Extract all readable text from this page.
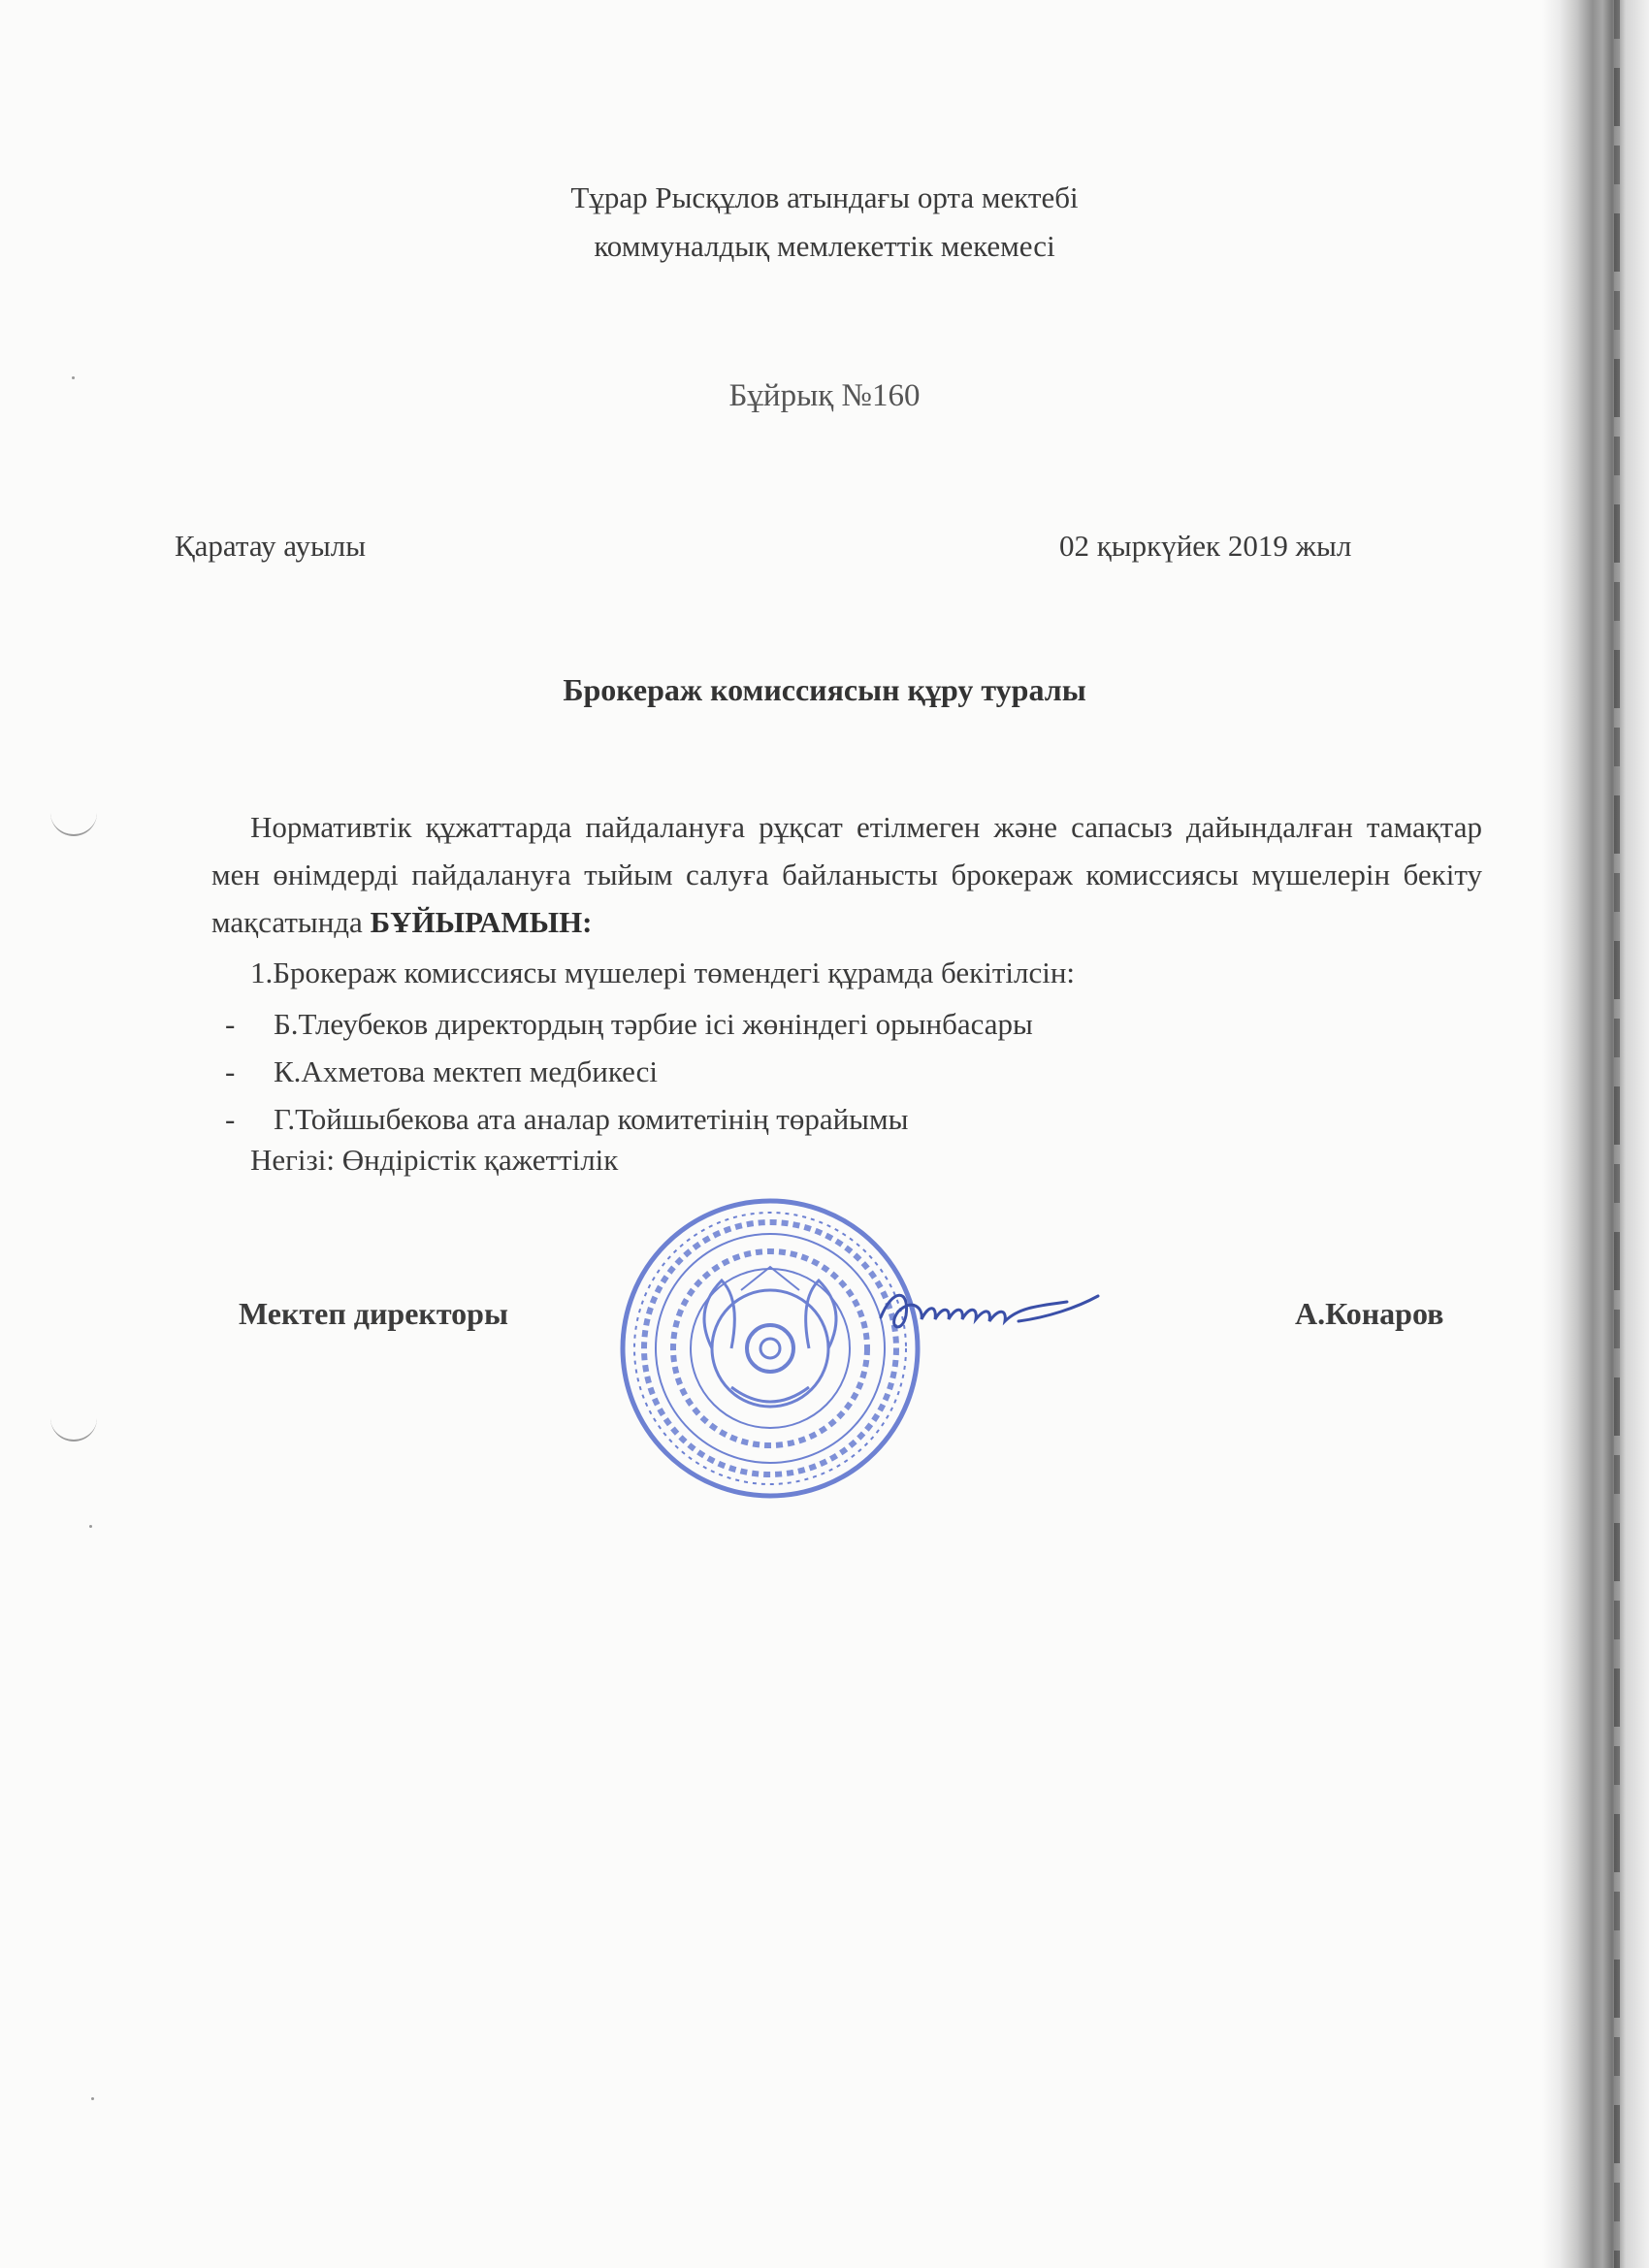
Тұрар Рысқұлов атындағы орта мектебі
коммуналдық мемлекеттік мекемесі
Бұйрық №160
Қаратау ауылы	02 қыркүйек 2019 жыл
Брокераж комиссиясын құру туралы

Нормативтік құжаттарда пайдалануға рұқсат етілмеген және сапасыз дайындалған тамақтар мен өнімдерді пайдалануға тыйым салуға байланысты брокераж комиссиясы мүшелерін бекіту мақсатында БҰЙЫРАМЫН:

1.Брокераж комиссиясы мүшелері төмендегі құрамда бекітілсін:
-	Б.Тлеубеков директордың тәрбие ісі жөніндегі орынбасары
-	К.Ахметова мектеп медбикесі
-	Г.Тойшыбекова ата аналар комитетінің төрайымы
Негізі: Өндірістік қажеттілік
Мектеп директоры	А.Конаров
